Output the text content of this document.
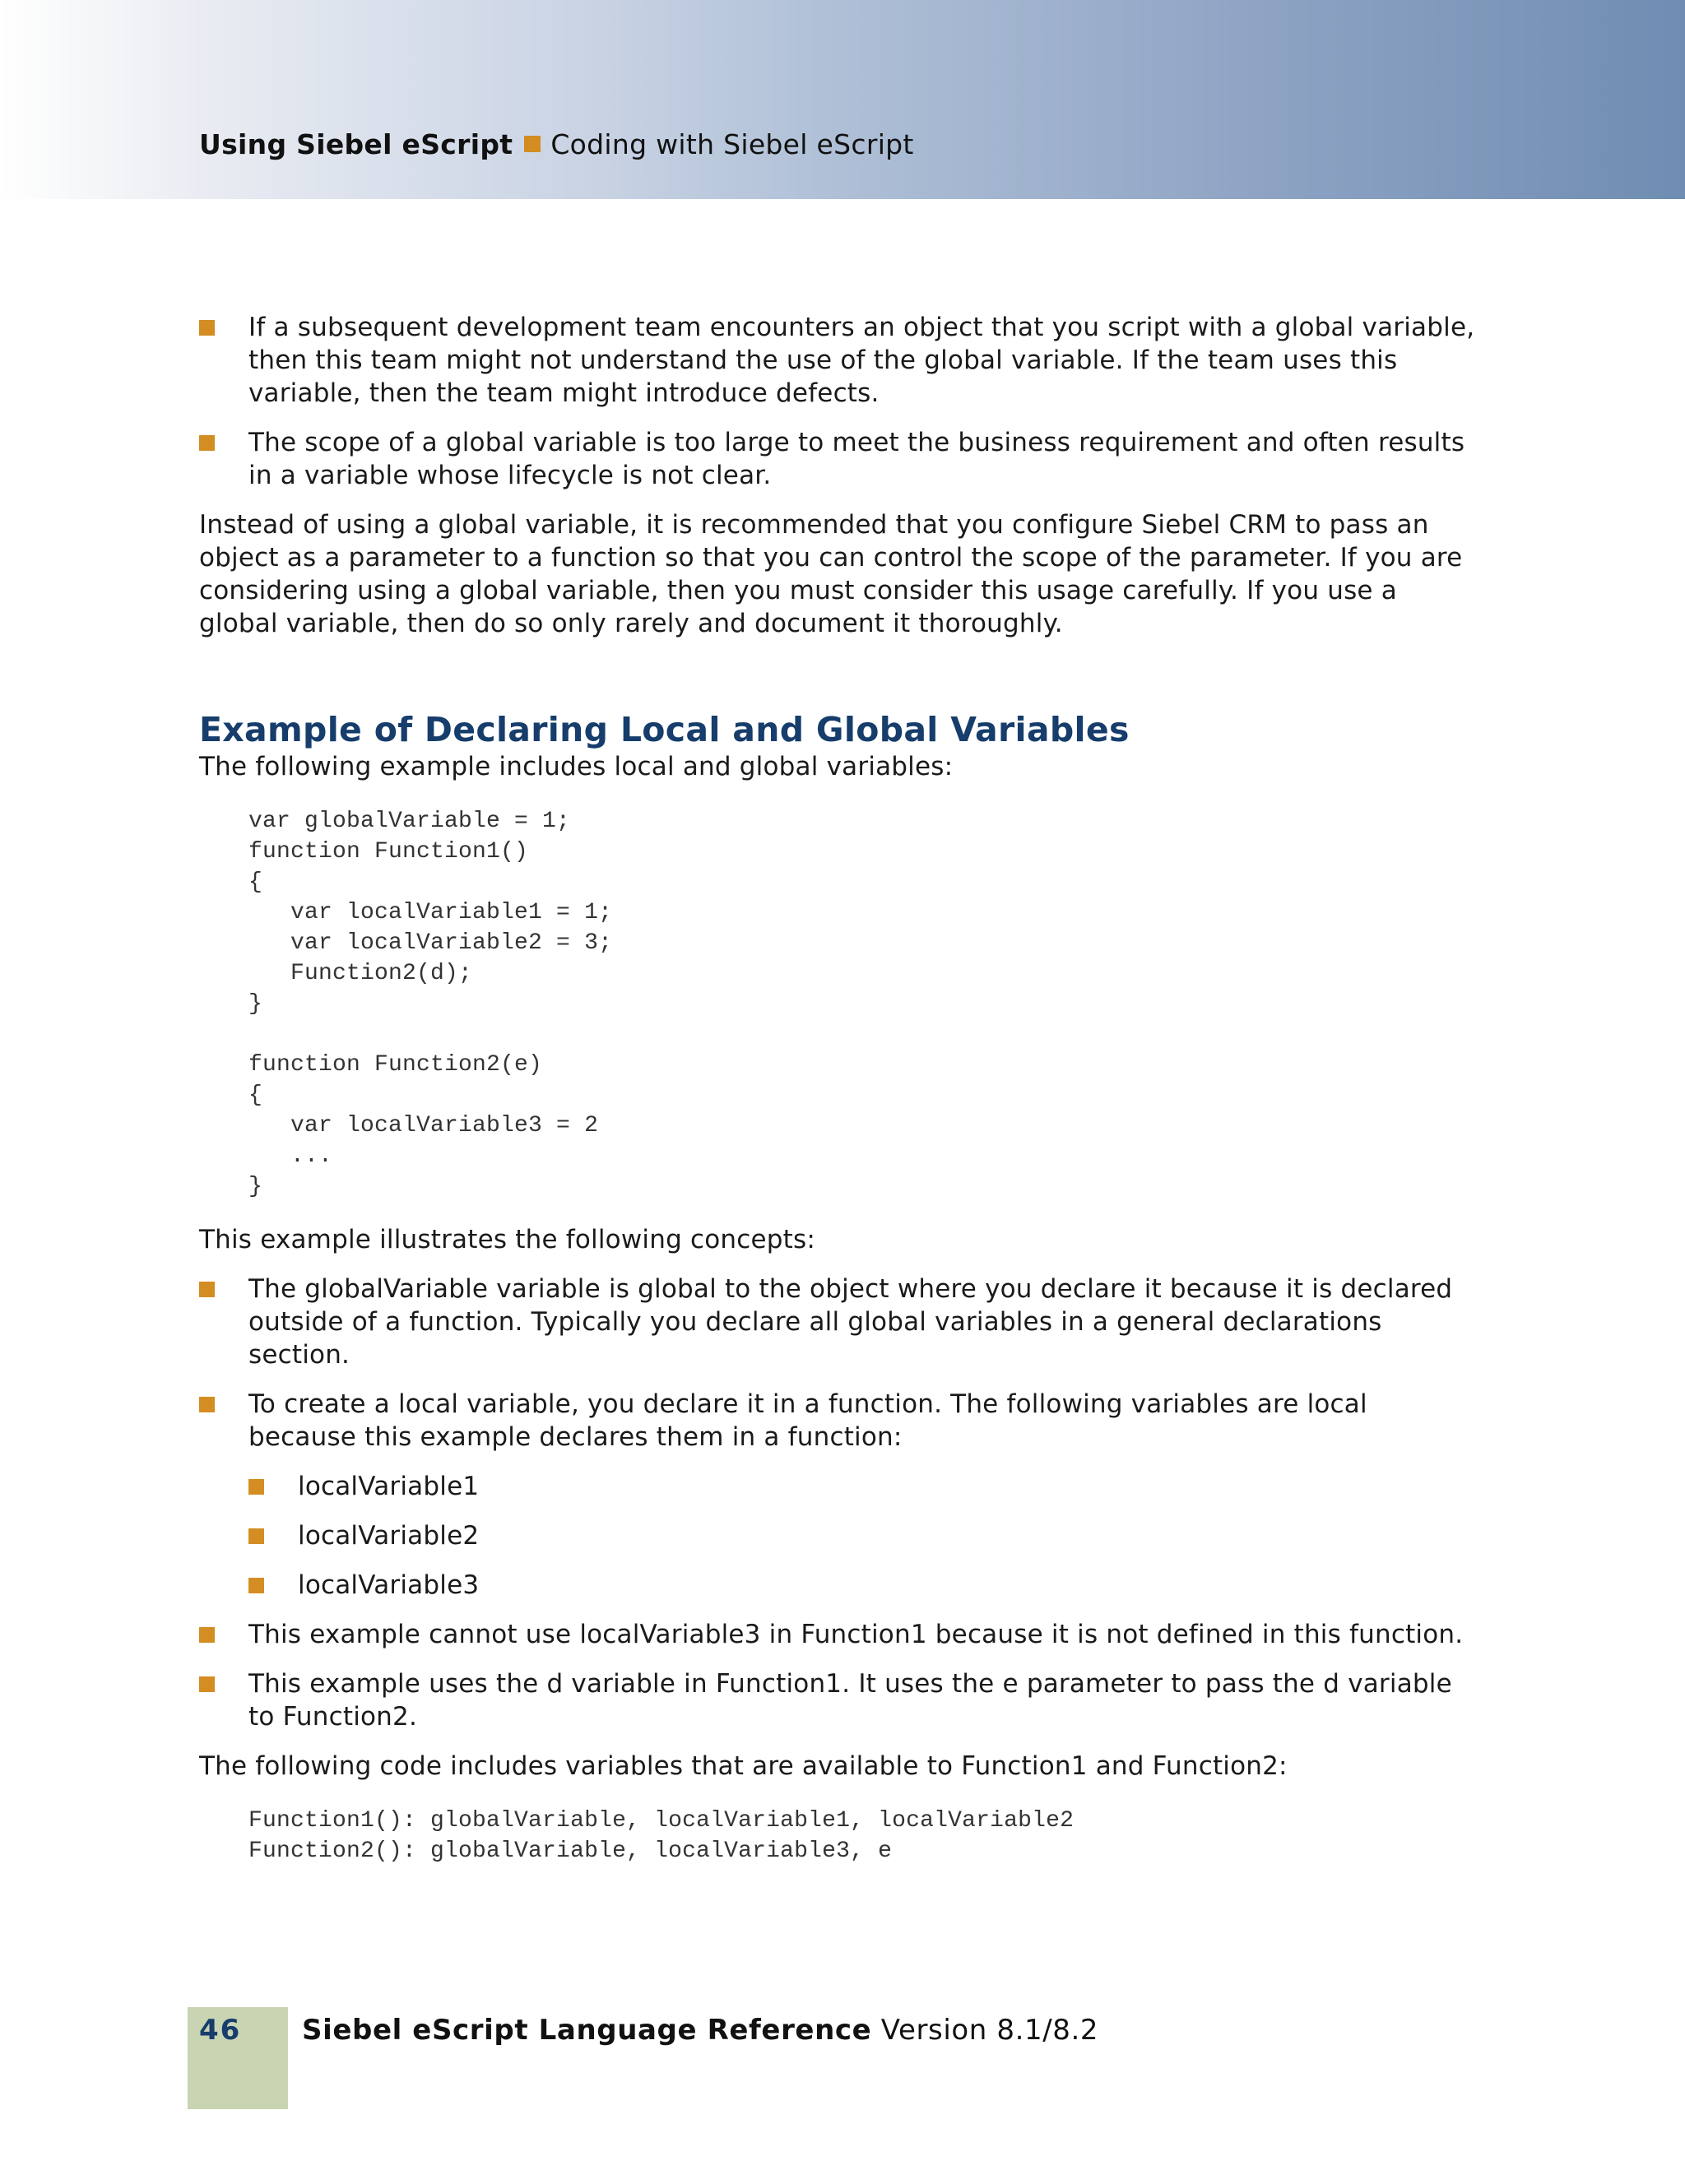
Using Siebel eScript Coding with Siebel eScript
If a subsequent development team encounters an object that you script with a global variable, then this team might not understand the use of the global variable. If the team uses this variable, then the team might introduce defects.
The scope of a global variable is too large to meet the business requirement and often results in a variable whose lifecycle is not clear.

Instead of using a global variable, it is recommended that you configure Siebel CRM to pass an object as a parameter to a function so that you can control the scope of the parameter. If you are considering using a global variable, then you must consider this usage carefully. If you use a global variable, then do so only rarely and document it thoroughly.

Example of Declaring Local and Global Variables

The following example includes local and global variables:

var globalVariable = 1;
function Function1()
{
var localVariable1 = 1;
var localVariable2 = 3;
Function2(d);
}

function Function2(e)
{
var localVariable3 = 2
...
}

This example illustrates the following concepts:

The globalVariable variable is global to the object where you declare it because it is declared outside of a function. Typically you declare all global variables in a general declarations section.
To create a local variable, you declare it in a function. The following variables are local because this example declares them in a function:
localVariable1
localVariable2
localVariable3
This example cannot use localVariable3 in Function1 because it is not defined in this function.
This example uses the d variable in Function1. It uses the e parameter to pass the d variable to Function2.

The following code includes variables that are available to Function1 and Function2:

Function1(): globalVariable, localVariable1, localVariable2
Function2(): globalVariable, localVariable3, e
46 Siebel eScript Language Reference Version 8.1/8.2
